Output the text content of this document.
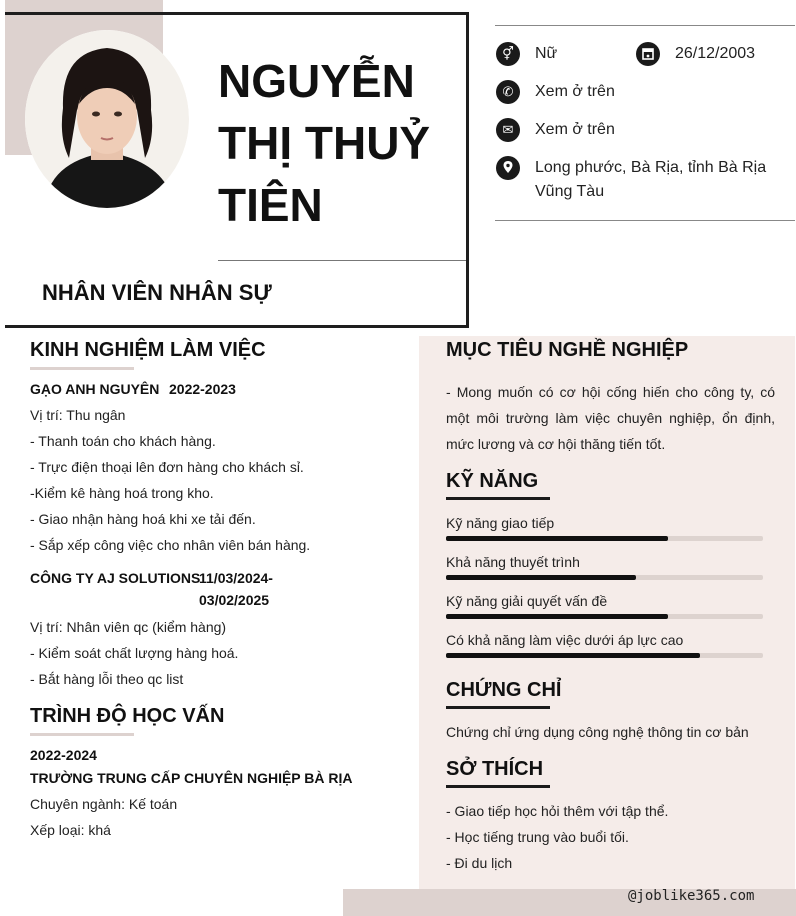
NGUYỄN
THỊ THUỶ
TIÊN
NHÂN VIÊN NHÂN SỰ
⚥	Nữ	26/12/2003
✆	Xem ở trên
✉	Xem ở trên
Long phước, Bà Rịa, tỉnh Bà Rịa
Vũng Tàu
KINH NGHIỆM LÀM VIỆC
GẠO ANH NGUYÊN 2022-2023
Vị trí: Thu ngân
- Thanh toán cho khách hàng.
- Trực điện thoại lên đơn hàng cho khách sỉ.
-Kiểm kê hàng hoá trong kho.
- Giao nhận hàng hoá khi xe tải đến.
- Sắp xếp công việc cho nhân viên bán hàng.
CÔNG TY AJ SOLUTIONS
11/03/2024-
03/02/2025
Vị trí: Nhân viên qc (kiểm hàng)
- Kiểm soát chất lượng hàng hoá.
- Bắt hàng lỗi theo qc list
TRÌNH ĐỘ HỌC VẤN
2022-2024
TRƯỜNG TRUNG CẤP CHUYÊN NGHIỆP BÀ RỊA
Chuyên ngành: Kế toán
Xếp loại: khá
MỤC TIÊU NGHỀ NGHIỆP
- Mong muốn có cơ hội cống hiến cho công ty, có một môi trường làm việc chuyên nghiệp, ổn định, mức lương và cơ hội thăng tiến tốt.
KỸ NĂNG
Kỹ năng giao tiếp
Khả năng thuyết trình
Kỹ năng giải quyết vấn đề
Có khả năng làm việc dưới áp lực cao
CHỨNG CHỈ
Chứng chỉ ứng dụng công nghệ thông tin cơ bản
SỞ THÍCH
- Giao tiếp học hỏi thêm với tập thể.
- Học tiếng trung vào buổi tối.
- Đi du lịch
@joblike365.com
